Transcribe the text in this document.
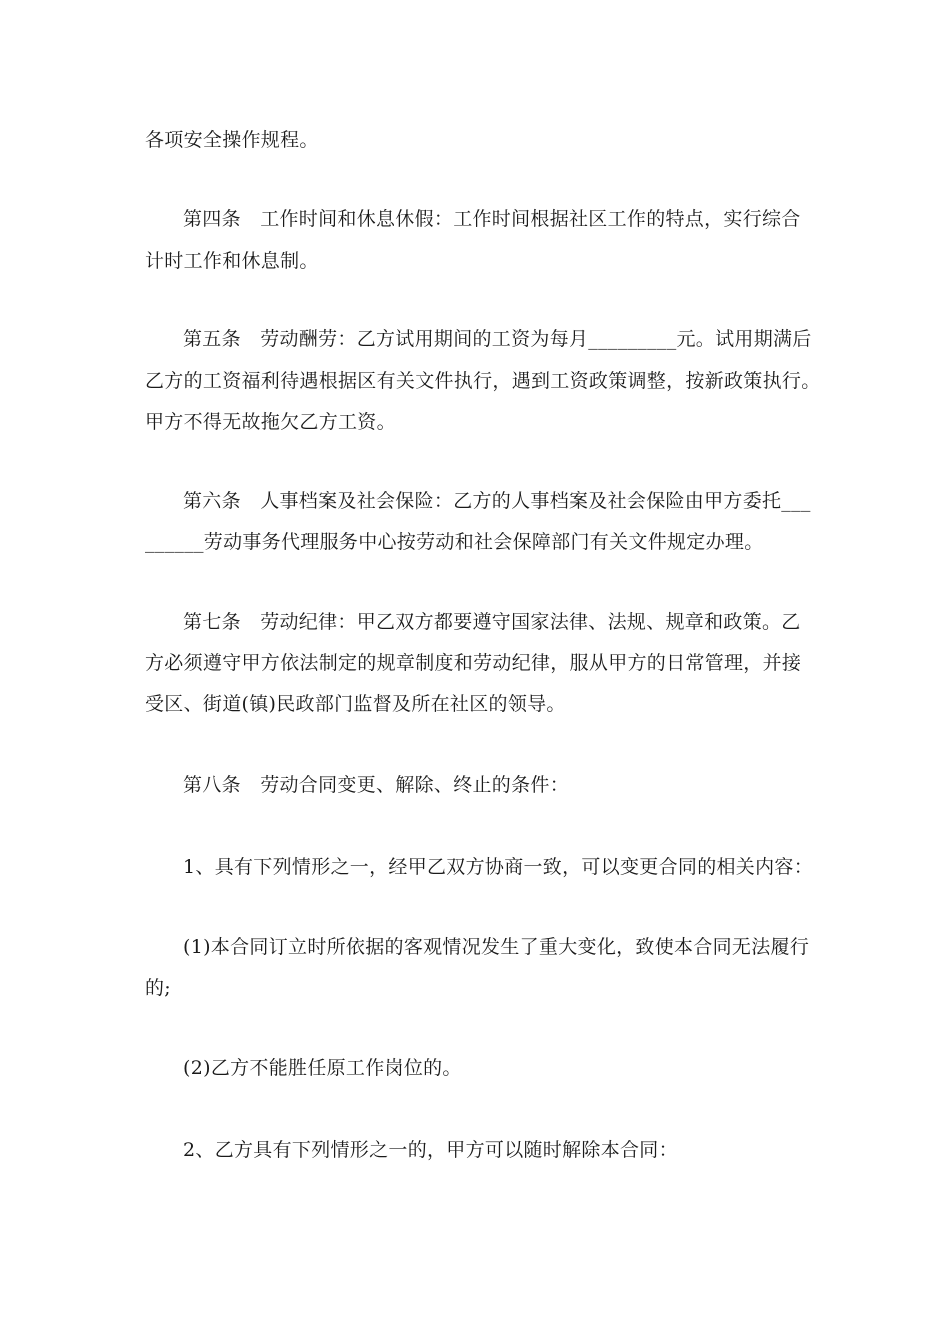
各项安全操作规程。
第四条　工作时间和休息休假：工作时间根据社区工作的特点，实行综合
计时工作和休息制。
第五条　劳动酬劳：乙方试用期间的工资为每月_________元。试用期满后
乙方的工资福利待遇根据区有关文件执行，遇到工资政策调整，按新政策执行。
甲方不得无故拖欠乙方工资。
第六条　人事档案及社会保险：乙方的人事档案及社会保险由甲方委托___
______劳动事务代理服务中心按劳动和社会保障部门有关文件规定办理。
第七条　劳动纪律：甲乙双方都要遵守国家法律、法规、规章和政策。乙
方必须遵守甲方依法制定的规章制度和劳动纪律，服从甲方的日常管理，并接
受区、街道(镇)民政部门监督及所在社区的领导。
第八条　劳动合同变更、解除、终止的条件：
1、具有下列情形之一，经甲乙双方协商一致，可以变更合同的相关内容：
(1)本合同订立时所依据的客观情况发生了重大变化，致使本合同无法履行
的;
(2)乙方不能胜任原工作岗位的。
2、乙方具有下列情形之一的，甲方可以随时解除本合同：
